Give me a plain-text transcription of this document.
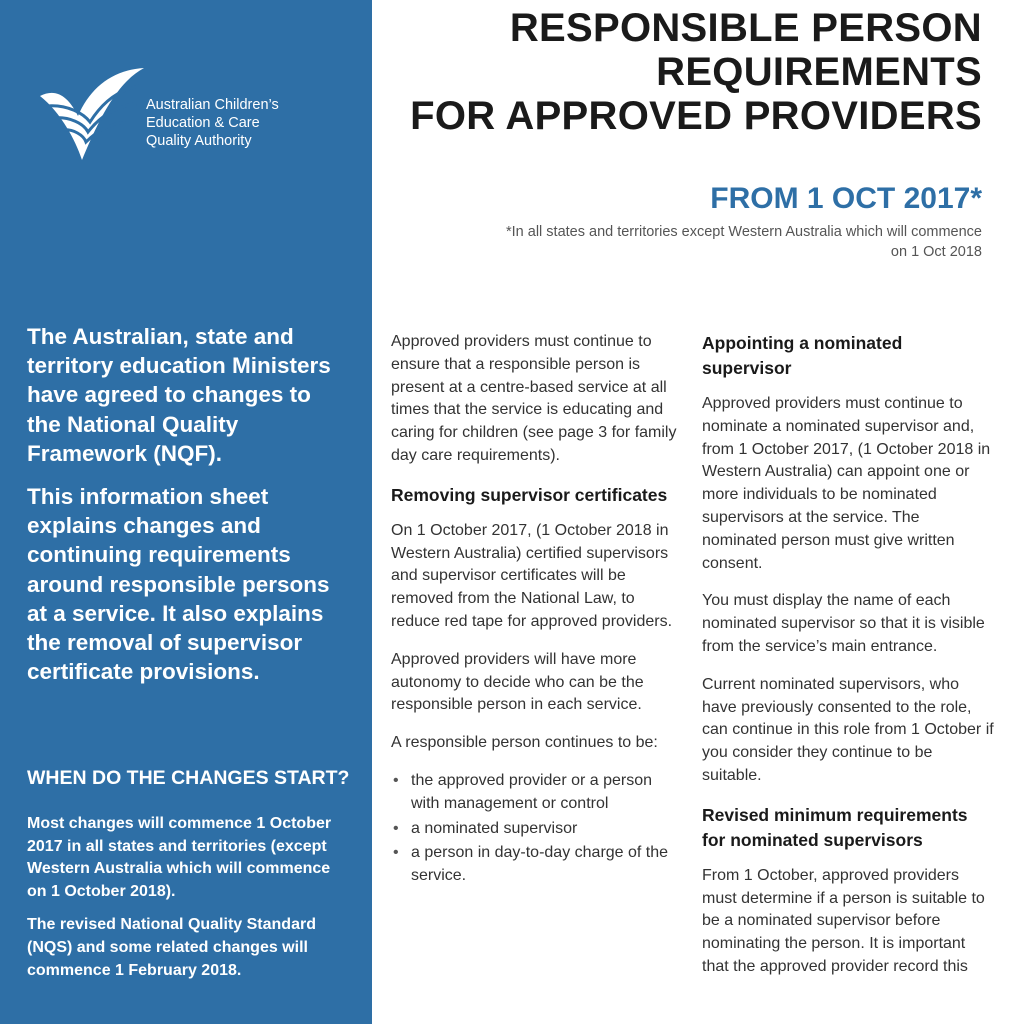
Australian Children’s
Education & Care
Quality Authority

The Australian, state and territory education Ministers have agreed to changes to the National Quality Framework (NQF).

This information sheet explains changes and continuing requirements around responsible persons at a service. It also explains the removal of supervisor certificate provisions.

WHEN DO THE CHANGES START?

Most changes will commence 1 October 2017 in all states and territories (except Western Australia which will commence on 1 October 2018).

The revised National Quality Standard (NQS) and some related changes will commence 1 February 2018.

RESPONSIBLE PERSON
REQUIREMENTS
FOR APPROVED PROVIDERS
FROM 1 OCT 2017*
*In all states and territories except Western Australia which will commence on 1 Oct 2018

Approved providers must continue to ensure that a responsible person is present at a centre-based service at all times that the service is educating and caring for children (see page 3 for family day care requirements).

Removing supervisor certificates

On 1 October 2017, (1 October 2018 in Western Australia) certified supervisors and supervisor certificates will be removed from the National Law, to reduce red tape for approved providers.

Approved providers will have more autonomy to decide who can be the responsible person in each service.

A responsible person continues to be:

• the approved provider or a person with management or control
• a nominated supervisor
• a person in day-to-day charge of the service.
Appointing a nominated supervisor

Approved providers must continue to nominate a nominated supervisor and, from 1 October 2017, (1 October 2018 in Western Australia) can appoint one or more individuals to be nominated supervisors at the service. The nominated person must give written consent.

You must display the name of each nominated supervisor so that it is visible from the service’s main entrance.

Current nominated supervisors, who have previously consented to the role, can continue in this role from 1 October if you consider they continue to be suitable.

Revised minimum requirements for nominated supervisors

From 1 October, approved providers must determine if a person is suitable to be a nominated supervisor before nominating the person. It is important that the approved provider record this
